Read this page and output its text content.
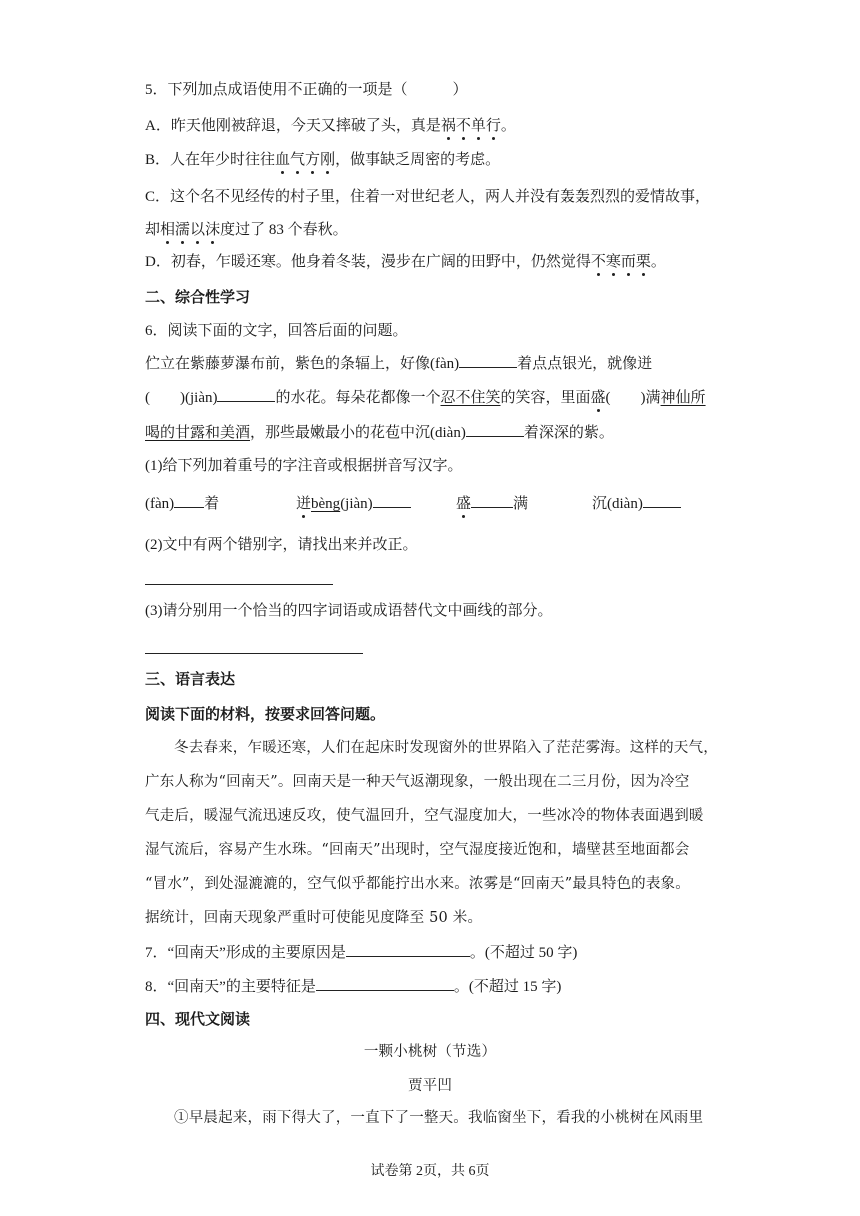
5．下列加点成语使用不正确的一项是（　　　）
A．昨天他刚被辞退，今天又摔破了头，真是祸不单行。
B．人在年少时往往血气方刚，做事缺乏周密的考虑。
C．这个名不见经传的村子里，住着一对世纪老人，两人并没有轰轰烈烈的爱情故事，
却相濡以沫度过了 83 个春秋。
D．初春，乍暖还寒。他身着冬装，漫步在广阔的田野中，仍然觉得不寒而栗。
二、综合性学习
6．阅读下面的文字，回答后面的问题。
伫立在紫藤萝瀑布前，紫色的条辐上，好像(fàn)	着点点银光，就像迸
(　　)(jiàn)	的水花。每朵花都像一个忍不住笑的笑容，里面盛(　　)满神仙所
喝的甘露和美酒，那些最嫩最小的花苞中沉(diàn)	着深深的紫。
(1)给下列加着重号的字注音或根据拼音写汉字。
(fàn) 着	迸bèng(jiàn)	盛	满	沉(diàn)
(2)文中有两个错别字，请找出来并改正。
(3)请分别用一个恰当的四字词语或成语替代文中画线的部分。
三、语言表达
阅读下面的材料，按要求回答问题。
冬去春来，乍暖还寒，人们在起床时发现窗外的世界陷入了茫茫雾海。这样的天气，
广东人称为“回南天”。回南天是一种天气返潮现象，一般出现在二三月份，因为冷空
气走后，暖湿气流迅速反攻，使气温回升，空气湿度加大，一些冰冷的物体表面遇到暖
湿气流后，容易产生水珠。“回南天”出现时，空气湿度接近饱和，墙壁甚至地面都会
“冒水”，到处湿漉漉的，空气似乎都能拧出水来。浓雾是“回南天”最具特色的表象。
据统计，回南天现象严重时可使能见度降至 50 米。
7．“回南天”形成的主要原因是	。(不超过 50 字)
8．“回南天”的主要特征是	。(不超过 15 字)
四、现代文阅读
一颗小桃树（节选）
贾平凹
①早晨起来，雨下得大了，一直下了一整天。我临窗坐下，看我的小桃树在风雨里
试卷第 2页，共 6页
